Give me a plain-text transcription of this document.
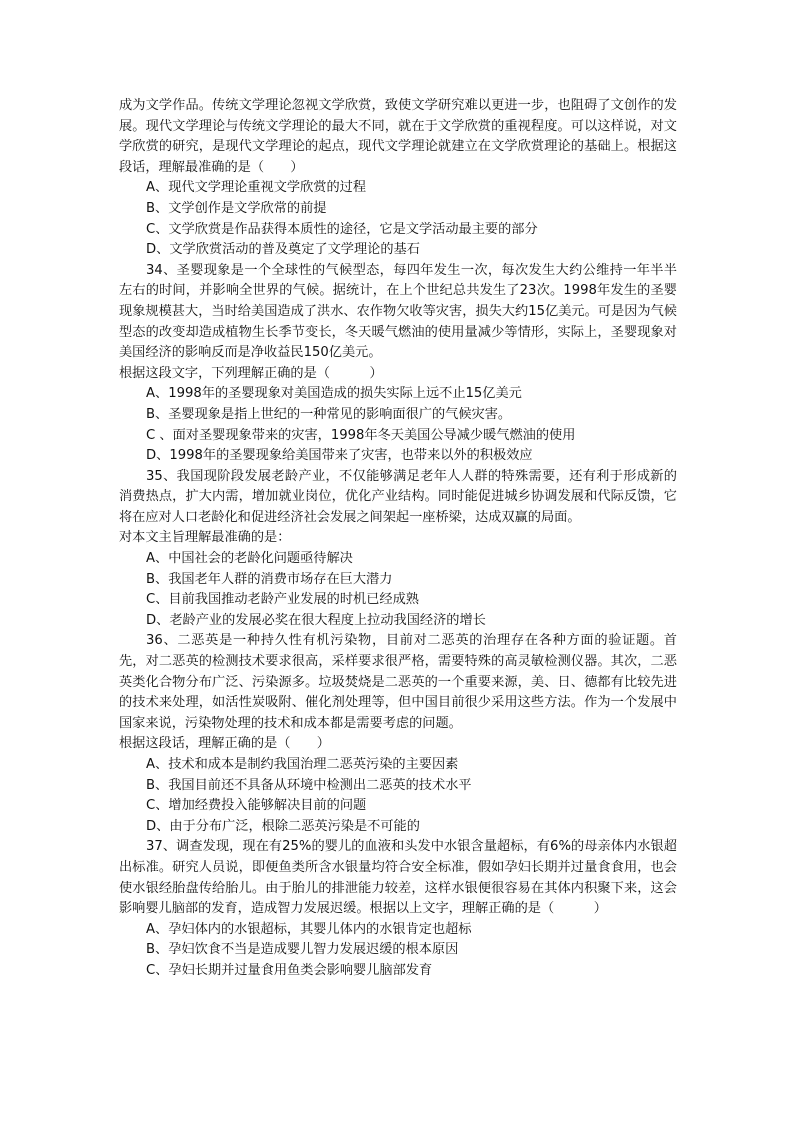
成为文学作品。传统文学理论忽视文学欣赏，致使文学研究难以更进一步，也阻碍了文创作的发展。现代文学理论与传统文学理论的最大不同，就在于文学欣赏的重视程度。可以这样说，对文学欣赏的研究，是现代文学理论的起点，现代文学理论就建立在文学欣赏理论的基础上。根据这段话，理解最准确的是（　　）

A、现代文学理论重视文学欣赏的过程

B、文学创作是文学欣常的前提

C、文学欣赏是作品获得本质性的途径，它是文学活动最主要的部分

D、文学欣赏活动的普及奠定了文学理论的基石

34、圣婴现象是一个全球性的气候型态，每四年发生一次，每次发生大约公维持一年半半左右的时间，并影响全世界的气候。据统计，在上个世纪总共发生了23次。1998年发生的圣婴现象规模甚大，当时给美国造成了洪水、农作物欠收等灾害，损失大约15亿美元。可是因为气候型态的改变却造成植物生长季节变长，冬天暖气燃油的使用量减少等情形，实际上，圣婴现象对美国经济的影响反而是净收益民150亿美元。

根据这段文字，下列理解正确的是（　　　）

A、1998年的圣婴现象对美国造成的损失实际上远不止15亿美元

B、圣婴现象是指上世纪的一种常见的影响面很广的气候灾害。

C 、面对圣婴现象带来的灾害，1998年冬天美国公导减少暖气燃油的使用

D、1998年的圣婴现象给美国带来了灾害，也带来以外的积极效应

35、我国现阶段发展老龄产业，不仅能够满足老年人人群的特殊需要，还有利于形成新的消费热点，扩大内需，增加就业岗位，优化产业结构。同时能促进城乡协调发展和代际反馈，它将在应对人口老龄化和促进经济社会发展之间架起一座桥梁，达成双赢的局面。

对本文主旨理解最准确的是：

A、中国社会的老龄化问题亟待解决

B、我国老年人群的消费市场存在巨大潜力

C、目前我国推动老龄产业发展的时机已经成熟

D、老龄产业的发展必奖在很大程度上拉动我国经济的增长

36、二恶英是一种持久性有机污染物，目前对二恶英的治理存在各种方面的验证题。首先，对二恶英的检测技术要求很高，采样要求很严格，需要特殊的高灵敏检测仪器。其次，二恶英类化合物分布广泛、污染源多。垃圾焚烧是二恶英的一个重要来源，美、日、德都有比较先进的技术来处理，如活性炭吸附、催化剂处理等，但中国目前很少采用这些方法。作为一个发展中国家来说，污染物处理的技术和成本都是需要考虑的问题。

根据这段话，理解正确的是（　　）

A、技术和成本是制约我国治理二恶英污染的主要因素

B、我国目前还不具备从环境中检测出二恶英的技术水平

C、增加经费投入能够解决目前的问题

D、由于分布广泛，根除二恶英污染是不可能的

37、调查发现，现在有25%的婴儿的血液和头发中水银含量超标，有6%的母亲体内水银超出标准。研究人员说，即便鱼类所含水银量均符合安全标准，假如孕妇长期并过量食食用，也会使水银经胎盘传给胎儿。由于胎儿的排泄能力较差，这样水银便很容易在其体内积聚下来，这会影响婴儿脑部的发育，造成智力发展迟缓。根据以上文字，理解正确的是（　　　）

A、孕妇体内的水银超标，其婴儿体内的水银肯定也超标

B、孕妇饮食不当是造成婴儿智力发展迟缓的根本原因

C、孕妇长期并过量食用鱼类会影响婴儿脑部发育
